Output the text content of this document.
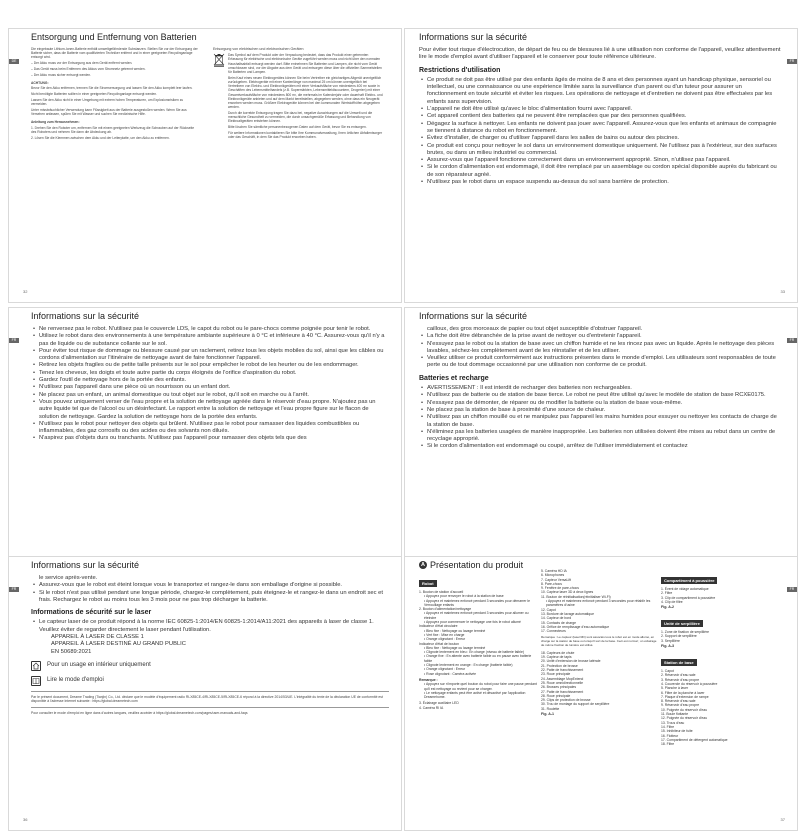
DE
Entsorgung und Entfernung von Batterien
Die eingebaute Lithium-Ionen-Batterie enthält umweltgefährdende Substanzen. Stellen Sie vor der Entsorgung der Batterie sicher, dass die Batterie vom qualifizierten Techniker entfernt und in einer geeigneten Recyclinganlage entsorgt wird.
– Der Akku muss vor der Entsorgung aus dem Gerät entfernt werden.
– Das Gerät muss beim Entfernen des Akkus vom Stromnetz getrennt werden.
– Der Akku muss sicher entsorgt werden.
ACHTUNG:
Bevor Sie den Akku entfernen, trennen Sie die Stromversorgung und lassen Sie den Akku komplett leer laufen.
Nicht benötigte Batterien sollten in einer geeigneten Recyclinganlage entsorgt werden.
Lassen Sie den Akku nicht in einer Umgebung mit extrem hohen Temperaturen, um Explosionsrisiken zu vermeiden.
Unter missbräuchlicher Verwendung kann Flüssigkeit aus der Batterie ausgestoßen werden. Wenn Sie aus Versehen anfassen, spülen Sie mit Wasser und suchen Sie medizinische Hilfe.
Anleitung zum Herausnehmen:
1. Drehen Sie den Roboter um, entfernen Sie mit einem geeigneten Werkzeug die Schrauben auf der Rückseite des Roboters und nehmen Sie dann die Abdeckung ab.
2. Lösen Sie die Klemmen zwischen dem Akku und der Leiterplatte, um den Akku zu entfernen.
Entsorgung von elektrischen und elektronischen Geräten
Das Symbol auf dem Produkt oder der Verpackung bedeutet, dass das Produkt einer getrennten Erfassung für elektrische und elektronische Geräte zugeführt werden muss und nicht über den normalen Haushaltsabfall entsorgt werden darf. Bitte entnehmen Sie Batterien und Lampen, die nicht vom Gerät umschlossen sind, vor der Abgabe aus dem Gerät und entsorgen diese über die offiziellen Sammelstellen für Batterien und Lampen.
Beim Kauf eines neuen Elektrogerätes können Sie beim Vertreiber ein gleichartiges Altgerät unentgeltlich zurückgeben. Elektrogeräte mit einer Kantenlänge von maximal 25 cm können unentgeltlich bei Vertreibern von Elektro- und Elektronikgeräten mit einer Verkaufsfläche von mindestens 400 m² sowie in Geschäften des Lebensmittelhandels (z.B. Supermärkten, Lebensmitteldiscountern, Drogerien) mit einer Gesamtverkaufsfläche von mindestens 800 m², die mehrmals im Kalenderjahr oder dauerhaft Elektro- und Elektronikgeräte anbieten und auf dem Markt bereitstellen, abgegeben werden, ohne dass ein Neugerät erworben werden muss. Größere Elektrogeräte können bei den kommunalen Wertstoffhöfen abgegeben werden.
Durch die korrekte Entsorgung tragen Sie dazu bei, negative Auswirkungen auf die Umwelt und die menschliche Gesundheit zu vermeiden, die durch unsachgemäße Erfassung und Behandlung von Elektroaltgeräten entstehen können.
Bitte löschen Sie sämtliche personenbezogenen Daten auf dem Gerät, bevor Sie es entsorgen.
Für weitere Informationen kontaktieren Sie bitte Ihre Kommunalverwaltung, Ihren örtlichen Abfallentsorger oder das Geschäft, in dem Sie das Produkt erworben haben.
32
FR
Informations sur la sécurité
Pour éviter tout risque d'électrocution, de départ de feu ou de blessures lié à une utilisation non conforme de l'appareil, veuillez attentivement lire le mode d'emploi avant d'utiliser l'appareil et le conserver pour toute référence ultérieure.
Restrictions d'utilisation
• Ce produit ne doit pas être utilisé par des enfants âgés de moins de 8 ans et des personnes ayant un handicap physique, sensoriel ou intellectuel, ou une connaissance ou une expérience limitée sans la surveillance d'un parent ou d'un tuteur pour assurer un fonctionnement en toute sécurité et éviter les risques. Les opérations de nettoyage et d'entretien ne doivent pas être effectuées par les enfants sans supervision.
• L'appareil ne doit être utilisé qu'avec le bloc d'alimentation fourni avec l'appareil.
• Cet appareil contient des batteries qui ne peuvent être remplacées que par des personnes qualifiées.
• Dégagez la surface à nettoyer. Les enfants ne doivent pas jouer avec l'appareil. Assurez-vous que les enfants et animaux de compagnie se tiennent à distance du robot en fonctionnement.
• Évitez d'installer, de charger ou d'utiliser l'appareil dans les salles de bains ou autour des piscines.
• Ce produit est conçu pour nettoyer le sol dans un environnement domestique uniquement. Ne l'utilisez pas à l'extérieur, sur des surfaces brutes, ou dans un milieu industriel ou commercial.
• Assurez-vous que l'appareil fonctionne correctement dans un environnement approprié. Sinon, n'utilisez pas l'appareil.
• Si le cordon d'alimentation est endommagé, il doit être remplacé par un assemblage ou cordon spécial disponible auprès du fabricant ou de son réparateur agréé.
• N'utilisez pas le robot dans un espace suspendu au-dessus du sol sans barrière de protection.
33
FR
Informations sur la sécurité
• Ne renversez pas le robot. N'utilisez pas le couvercle LDS, le capot du robot ou le pare-chocs comme poignée pour tenir le robot.
• Utilisez le robot dans des environnements à une température ambiante supérieure à 0 °C et inférieure à 40 °C. Assurez-vous qu'il n'y a pas de liquide ou de substance collante sur le sol.
• Pour éviter tout risque de dommage ou blessure causé par un raclement, retirez tous les objets mobiles du sol, ainsi que les câbles ou cordons d'alimentation sur l'itinéraire de nettoyage avant de faire fonctionner l'appareil.
• Retirez les objets fragiles ou de petite taille présents sur le sol pour empêcher le robot de les heurter ou de les endommager.
• Tenez les cheveux, les doigts et toute autre partie du corps éloignés de l'orifice d'aspiration du robot.
• Gardez l'outil de nettoyage hors de la portée des enfants.
• N'utilisez pas l'appareil dans une pièce où un nourrisson ou un enfant dort.
• Ne placez pas un enfant, un animal domestique ou tout objet sur le robot, qu'il soit en marche ou à l'arrêt.
• Vous pouvez uniquement verser de l'eau propre et la solution de nettoyage agréée dans le réservoir d'eau propre. N'ajoutez pas un autre liquide tel que de l'alcool ou un désinfectant. Le rapport entre la solution de nettoyage et l'eau propre figure sur le flacon de solution de nettoyage. Gardez la solution de nettoyage hors de la portée des enfants.
• N'utilisez pas le robot pour nettoyer des objets qui brûlent. N'utilisez pas le robot pour ramasser des liquides combustibles ou inflammables, des gaz corrosifs ou des acides ou des solvants non dilués.
• N'aspirez pas d'objets durs ou tranchants. N'utilisez pas l'appareil pour ramasser des objets tels que des
FR
Informations sur la sécurité
cailloux, des gros morceaux de papier ou tout objet susceptible d'obstruer l'appareil.
• La fiche doit être débranchée de la prise avant de nettoyer ou d'entretenir l'appareil.
• N'essuyez pas le robot ou la station de base avec un chiffon humide et ne les rincez pas avec un liquide. Après le nettoyage des pièces lavables, séchez-les complètement avant de les réinstaller et de les utiliser.
• Veuillez utiliser ce produit conformément aux instructions présentes dans le monde d'emploi. Les utilisateurs sont responsables de toute perte ou de tout dommage occasionné par une utilisation non conforme de ce produit.
Batteries et recharge
• AVERTISSEMENT : Il est interdit de recharger des batteries non rechargeables.
• N'utilisez pas de batterie ou de station de base tierce. Le robot ne peut être utilisé qu'avec le modèle de station de base RCXE0175.
• N'essayez pas de démonter, de réparer ou de modifier la batterie ou la station de base vous-même.
• Ne placez pas la station de base à proximité d'une source de chaleur.
• N'utilisez pas un chiffon mouillé ou et ne manipulez pas l'appareil les mains humides pour essuyer ou nettoyer les contacts de charge de la station de base.
• N'éliminez pas les batteries usagées de manière inappropriée. Les batteries non utilisées doivent être mises au rebut dans un centre de recyclage approprié.
• Si le cordon d'alimentation est endommagé ou coupé, arrêtez de l'utiliser immédiatement et contactez
FR
Informations sur la sécurité
le service après-vente.
• Assurez-vous que le robot est éteint lorsque vous le transportez et rangez-le dans son emballage d'origine si possible.
• Si le robot n'est pas utilisé pendant une longue période, chargez-le complètement, puis éteignez-le et rangez-le dans un endroit sec et frais. Rechargez le robot au moins tous les 3 mois pour ne pas trop décharger la batterie.
Informations de sécurité sur le laser
• Le capteur laser de ce produit répond à la norme IEC 60825-1:2014/EN 60825-1:2014/A11:2021 des appareils à laser de classe 1. Veuillez éviter de regarder directement le laser pendant l'utilisation.
APPAREIL À LASER DE CLASSE 1
APPAREIL À LASER DESTINÉ AU GRAND PUBLIC
EN 50689:2021
Pour un usage en intérieur uniquement
Lire le mode d'emploi
Par le présent document, Dreame Trading (Tianjin) Co., Ltd. déclare que le modèle d'équipement radio RLX85CE-4/RLX85CE-5/RLX85CE-6 répond à la directive 2014/53/UE. L'intégralité du texte de la déclaration UE de conformité est disponible à l'adresse Internet suivante : https://global.dreametech.com
Pour consulter le mode d'emploi en ligne dans d'autres langues, veuillez accéder à https://global.dreametech.com/pages/user-manuals-and-faqs
36
FR
A Présentation du produit
Robot
1. Bouton de station d'accueil
• Appuyez pour renvoyer le robot à la station de base
• Appuyez et maintenez enfoncé pendant 3 secondes pour démarrer le Verrouillage enfants
2. Bouton d'alimentation/nettoyage
• Appuyez et maintenez enfoncé pendant 3 secondes pour allumer ou éteindre
• Appuyez pour commencer le nettoyage une fois le robot allumé
Indicateur d'état circulaire
• Bleu fixe : Nettoyage ou lavage terminé
• Vert fixe : Mise en charge
• Orange clignotant : Erreur
Indicateur d'état de bouton
• Bleu fixe : Nettoyage ou lavage terminé
• Clignote lentement en bleu : En charge (niveau de batterie faible)
• Orange fixe : En attente avec batterie faible ou en pause avec batterie faible
• Clignote lentement en orange : En charge (batterie faible)
• Orange clignotant : Erreur
• Rose clignotant : Caméra activée
Remarque :
• Appuyez sur n'importe quel bouton du robot pour faire une pause pendant qu'il est nettoyage ou revient pour se charger.
• Le nettoyage enfants peut être activé et désactivé par l'application Dreamehome.
3. Éclairage auxiliaire LED
4. Caméra RI IA
5. Caméra HD IA
6. Microphones
7. Capteur VersaLift
8. Pare-chocs
9. Fenêtre de pare-chocs
10. Capteur laser 3D à deux lignes
11. Bouton de réinitialisation(réinitialiser Wi-Fi)
• Appuyez et maintenez enfoncé pendant 3 secondes pour rétablir les paramètres d'usine
12. Capot
13. Bordure de lavage automatique
14. Capteur de bord
15. Contacts de charge
16. Orifice de remplissage d'eau automatique
17. Connecteurs
Remarque : Le capteur (laser/3D) sont associés tous le robot est en mode allumé, en charge sur la station de base ou lorsqu'il sort de la base. Ceci est normal ; un éclairage de même fraction de lumière est utilisé.
18. Capteurs de chute
19. Capteur de tapis
20. Unité d'extension de brosse latérale
21. Protection de brosse
22. Patte de franchissement
23. Roue principale
24. Assemblage MopExtend
25. Roue omnidirectionnelle
26. Brosses principales
27. Patte de franchissement
28. Roue principale
29. Clips de protection de brosse
30. Trou de montage du support de serpillière
31. Roulette
Fig. A-1
Compartiment à poussière
1. Évent de vidage automatique
2. Filtre
3. Clip de compartiment à poussière
4. Clip de filtre
Fig. A-2
Unité de serpillière
1. Zone de fixation de serpillière
2. Support de serpillière
3. Serpillière
Fig. A-3
Station de base
1. Capot
2. Réservoir d'eau sale
3. Réservoir d'eau propre
4. Couvercle du réservoir à poussière
5. Planche à laver
6. Filtre de la planche à laver
7. Plaque d'extension de rampe
8. Réservoir d'eau sale
9. Réservoir d'eau propre
10. Poignée du réservoir d'eau
11. Boule flottante
12. Poignée du réservoir d'eau
13. Trous d'eau
14. Filtre
15. Inhibiteur de fuite
16. Flotteur
17. Compartiment de détergent automatique
18. Filtre
37
